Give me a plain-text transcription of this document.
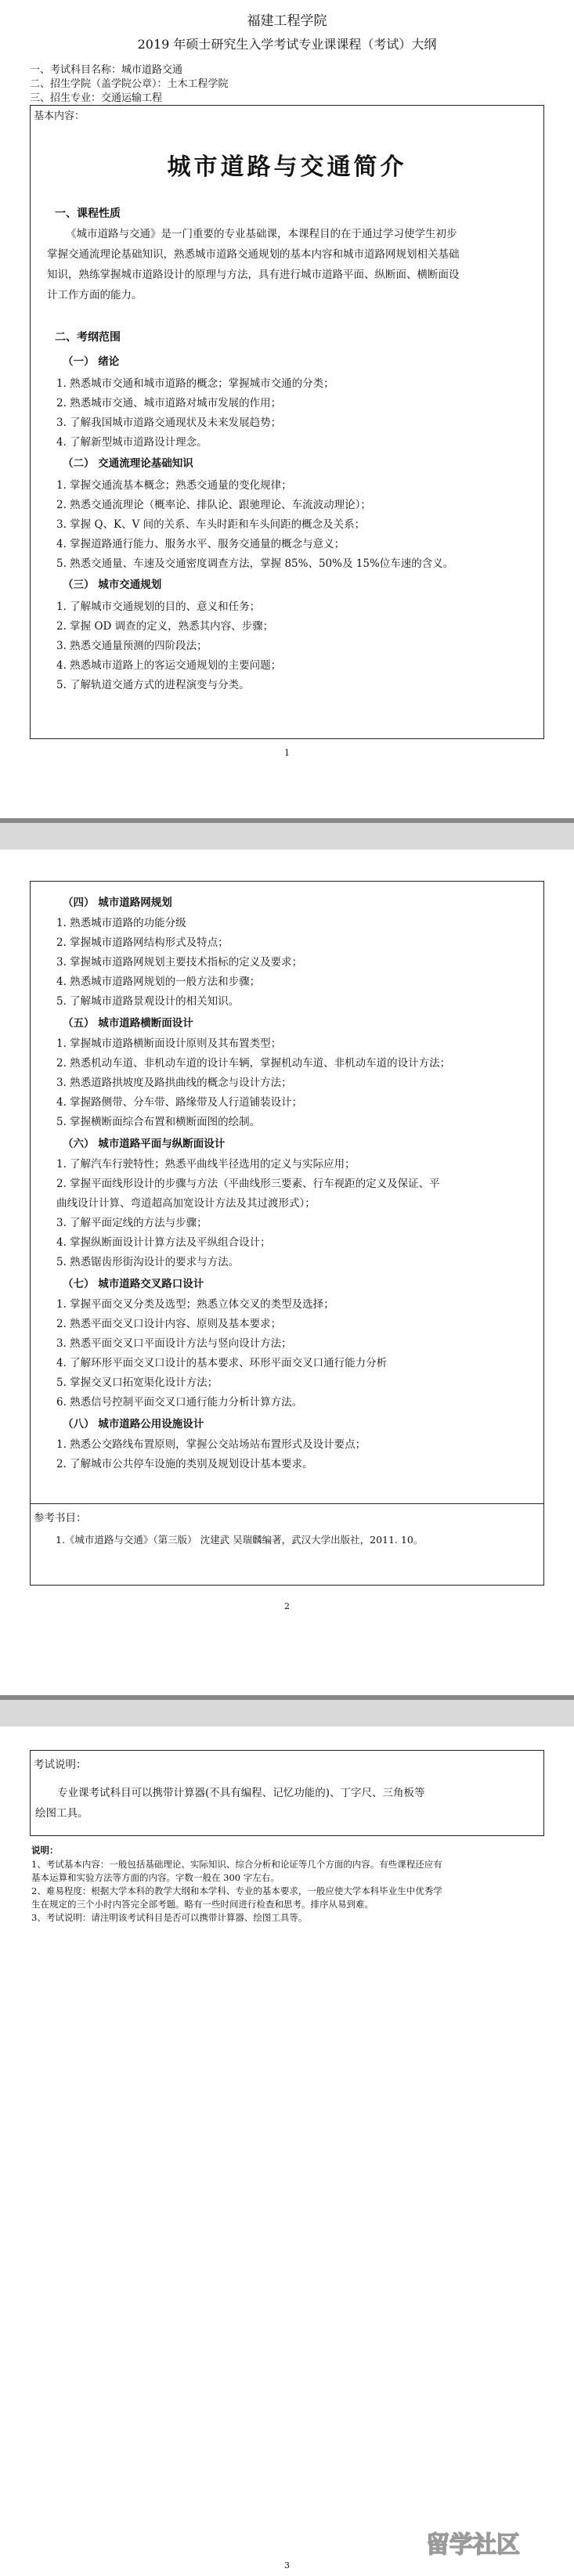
福建工程学院
2019 年硕士研究生入学考试专业课课程（考试）大纲
一、考试科目名称：城市道路交通
二、招生学院（盖学院公章）：土木工程学院
三、招生专业：交通运输工程
基本内容：
城市道路与交通简介
一、课程性质
《城市道路与交通》是一门重要的专业基础课，本课程目的在于通过学习使学生初步
掌握交通流理论基础知识，熟悉城市道路交通规划的基本内容和城市道路网规划相关基础
知识，熟练掌握城市道路设计的原理与方法，具有进行城市道路平面、纵断面、横断面设
计工作方面的能力。
二、考纲范围
（一） 绪论
1. 熟悉城市交通和城市道路的概念；掌握城市交通的分类；
2. 熟悉城市交通、城市道路对城市发展的作用；
3. 了解我国城市道路交通现状及未来发展趋势；
4. 了解新型城市道路设计理念。
（二） 交通流理论基础知识
1. 掌握交通流基本概念；熟悉交通量的变化规律；
2. 熟悉交通流理论（概率论、排队论、跟驰理论、车流波动理论）；
3. 掌握 Q、K、V 间的关系、车头时距和车头间距的概念及关系；
4. 掌握道路通行能力、服务水平、服务交通量的概念与意义；
5. 熟悉交通量、车速及交通密度调查方法，掌握 85%、50%及 15%位车速的含义。
（三） 城市交通规划
1. 了解城市交通规划的目的、意义和任务；
2. 掌握 OD 调查的定义，熟悉其内容、步骤；
3. 熟悉交通量预测的四阶段法；
4. 熟悉城市道路上的客运交通规划的主要问题；
5. 了解轨道交通方式的进程演变与分类。
1
（四） 城市道路网规划
1. 熟悉城市道路的功能分级
2. 掌握城市道路网结构形式及特点；
3. 掌握城市道路网规划主要技术指标的定义及要求；
4. 熟悉城市道路网规划的一般方法和步骤；
5. 了解城市道路景观设计的相关知识。
（五） 城市道路横断面设计
1. 掌握城市道路横断面设计原则及其布置类型；
2. 熟悉机动车道、非机动车道的设计车辆，掌握机动车道、非机动车道的设计方法；
3. 熟悉道路拱坡度及路拱曲线的概念与设计方法；
4. 掌握路侧带、分车带、路缘带及人行道铺装设计；
5. 掌握横断面综合布置和横断面图的绘制。
（六） 城市道路平面与纵断面设计
1. 了解汽车行驶特性；熟悉平曲线半径选用的定义与实际应用；
2. 掌握平面线形设计的步骤与方法（平曲线形三要素、行车视距的定义及保证、平
曲线设计计算、弯道超高加宽设计方法及其过渡形式）；
3. 了解平面定线的方法与步骤；
4. 掌握纵断面设计计算方法及平纵组合设计；
5. 熟悉锯齿形街沟设计的要求与方法。
（七） 城市道路交叉路口设计
1. 掌握平面交叉分类及选型；熟悉立体交叉的类型及选择；
2. 熟悉平面交叉口设计内容、原则及基本要求；
3. 熟悉平面交叉口平面设计方法与竖向设计方法；
4. 了解环形平面交叉口设计的基本要求、环形平面交叉口通行能力分析
5. 掌握交叉口拓宽渠化设计方法；
6. 熟悉信号控制平面交叉口通行能力分析计算方法。
（八） 城市道路公用设施设计
1. 熟悉公交路线布置原则，掌握公交站场站布置形式及设计要点；
2. 了解城市公共停车设施的类别及规划设计基本要求。
参考书目：
1.《城市道路与交通》（第三版） 沈建武 吴瑞麟编著，武汉大学出版社，2011. 10。
2
考试说明：
专业课考试科目可以携带计算器(不具有编程、记忆功能的)、丁字尺、三角板等
绘图工具。
说明：
1、考试基本内容：一般包括基础理论、实际知识、综合分析和论证等几个方面的内容。有些课程还应有
基本运算和实验方法等方面的内容。字数一般在 300 字左右。
2、难易程度：根据大学本科的教学大纲和本学科、专业的基本要求，一般应使大学本科毕业生中优秀学
生在规定的三个小时内答完全部考题。略有一些时间进行检查和思考。排序从易到难。
3、考试说明：请注明该考试科目是否可以携带计算器、绘图工具等。
3
留学社区
